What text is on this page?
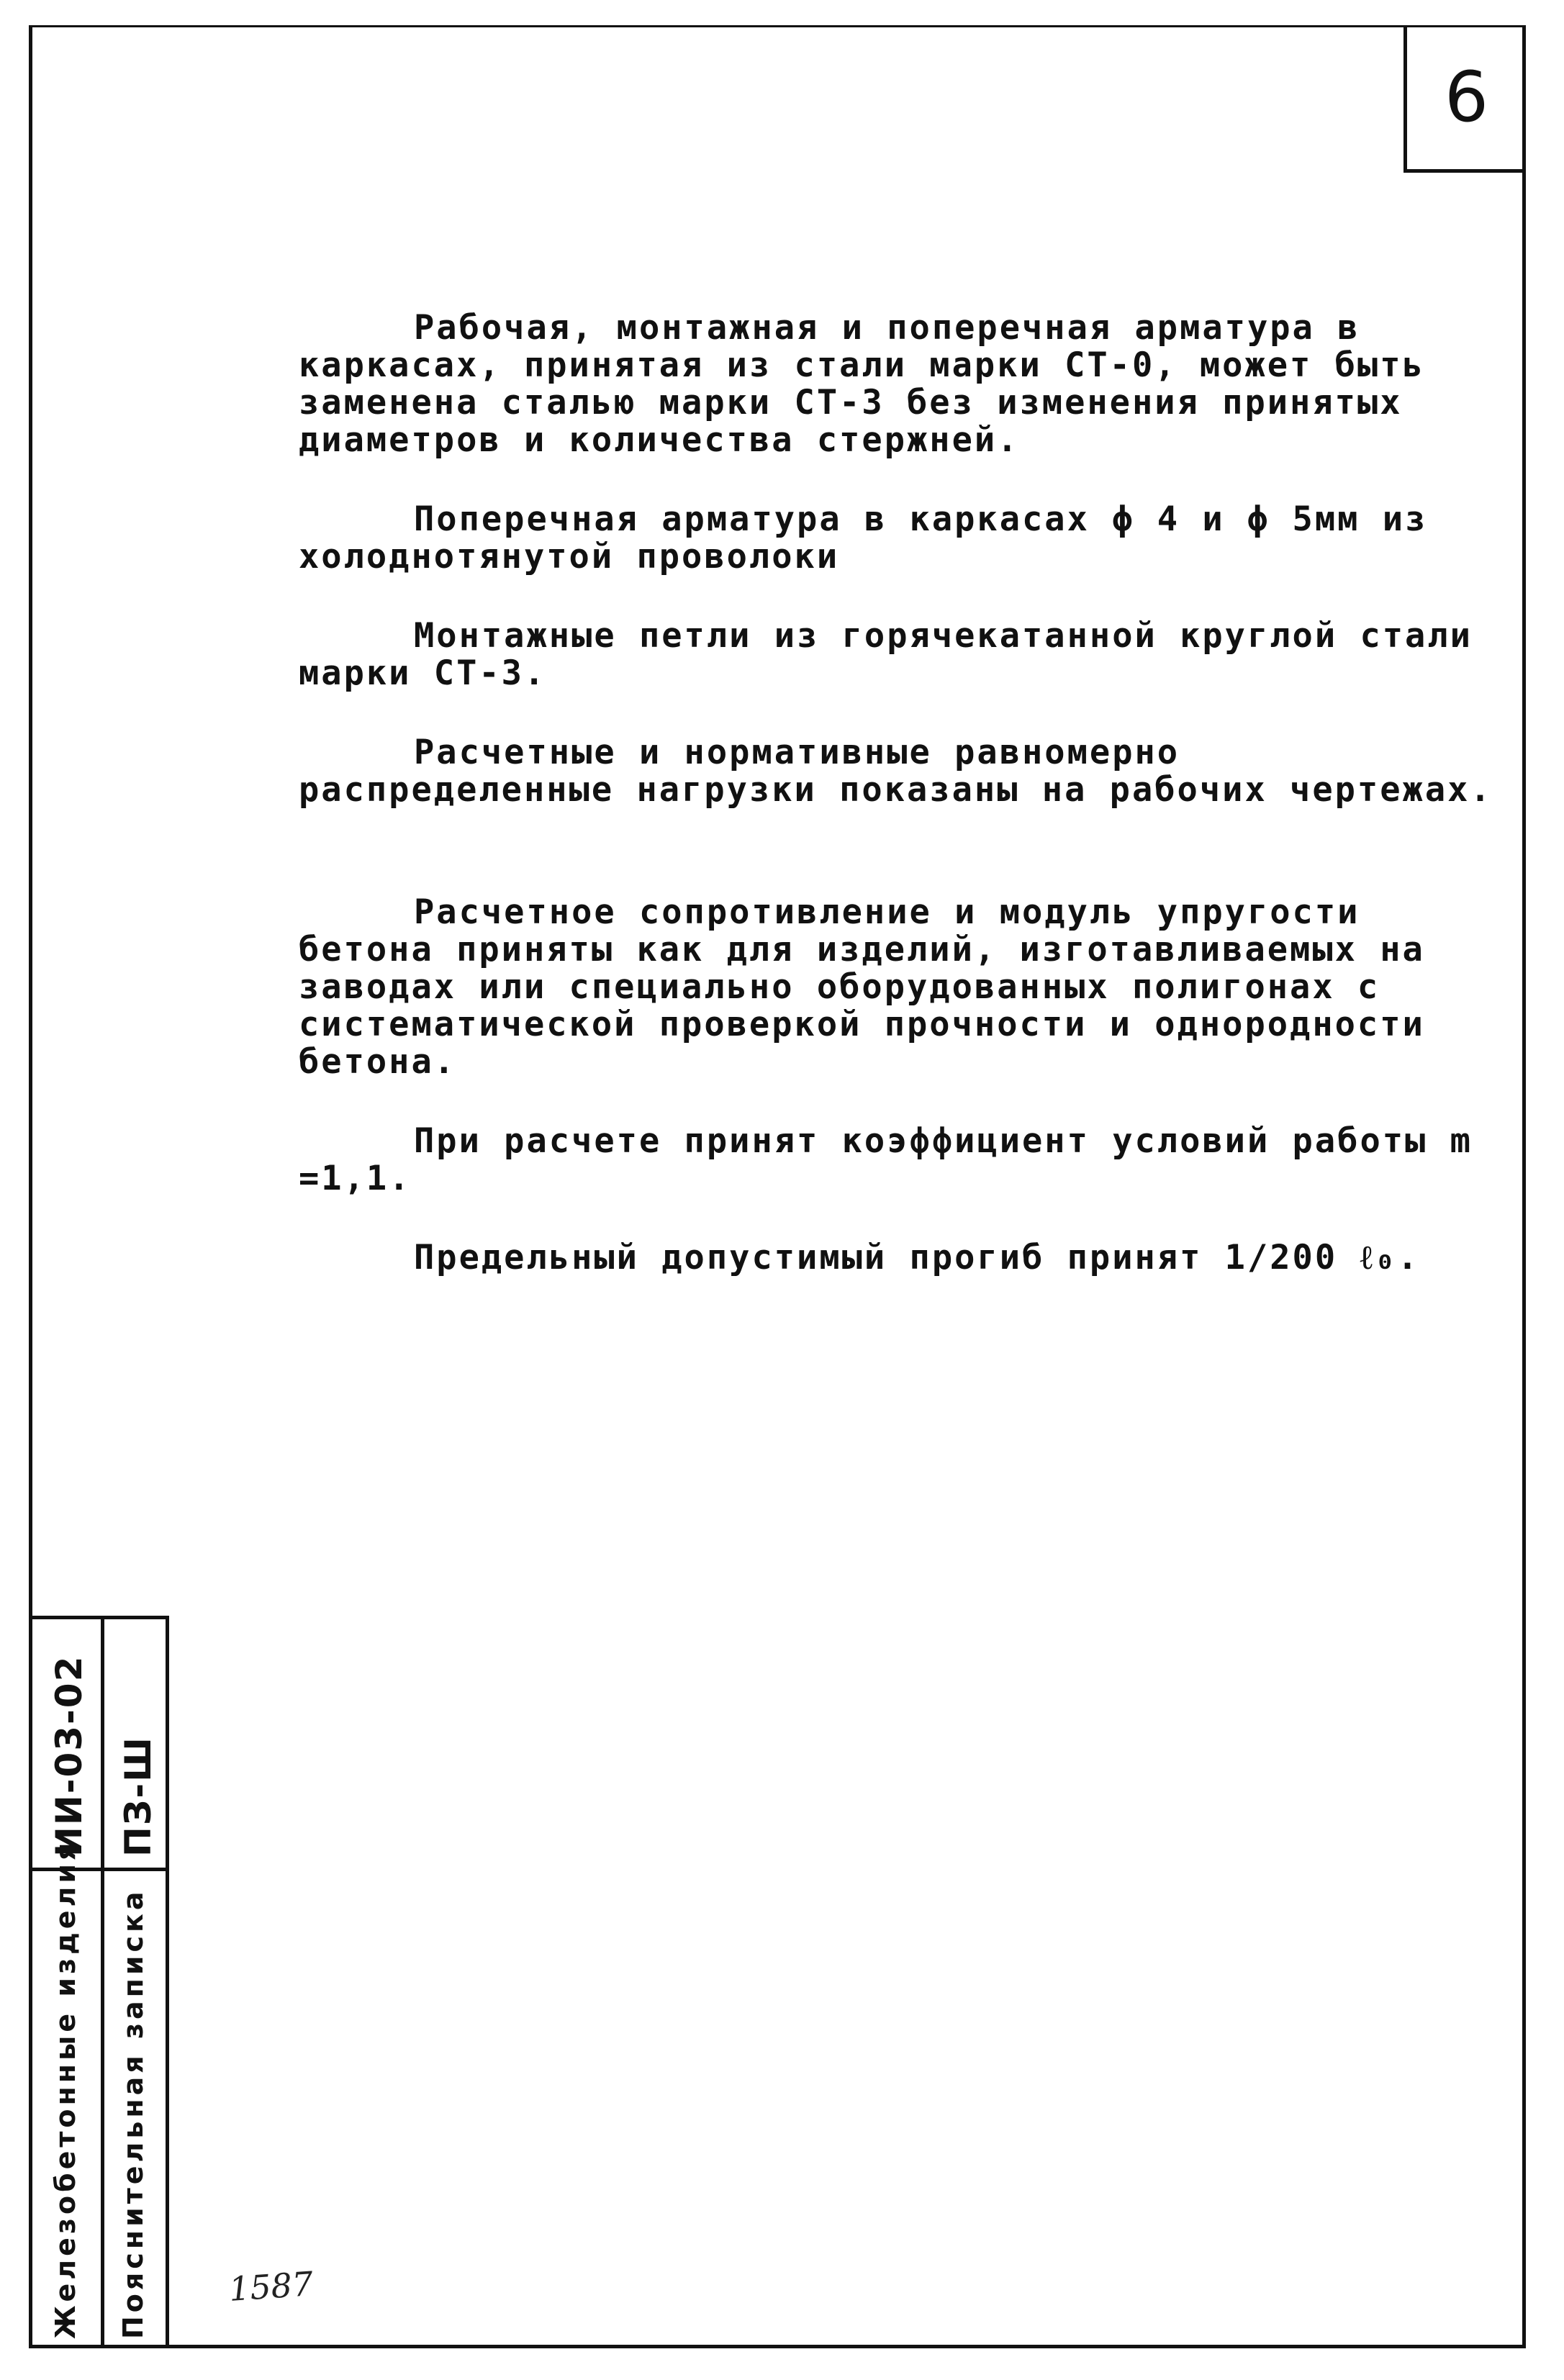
6

Рабочая, монтажная и поперечная арматура в каркасах, принятая из стали марки СТ-0, может быть заменена сталью марки СТ-3 без изменения принятых диаметров и количества стержней.

Поперечная арматура в каркасах ϕ 4 и ϕ 5мм из холоднотянутой проволоки

Монтажные петли из горячекатанной круглой стали марки СТ-3.

Расчетные и нормативные равномерно распределенные нагрузки показаны на рабочих чертежах.

Расчетное сопротивление и модуль упругости бетона приняты как для изделий, изготавливаемых на заводах или специально оборудованных полигонах с систематической проверкой прочности и однородности бетона.

При расчете принят коэффициент условий работы m =1,1.

Предельный допустимый прогиб принят 1/200 ℓ₀.

ИИ-03-02 ПЗ-Ш
Железобетонные изделия Пояснительная записка 1587
